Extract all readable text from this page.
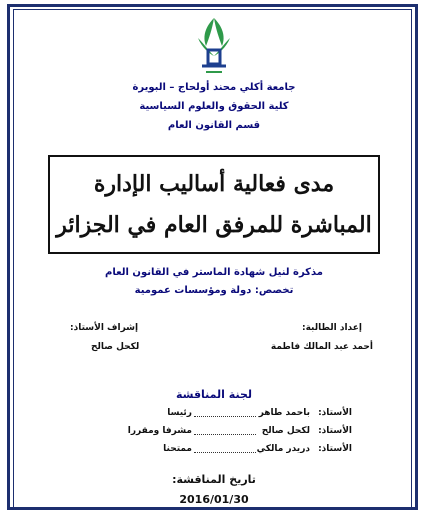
جامعة أكلي محند أولحاج – البويرة
كلية الحقوق والعلوم السياسية
قسم القانون العام
مدى فعالية أساليب الإدارة
المباشرة للمرفق العام في الجزائر
مذكرة لنيل شهادة الماستر في القانون العام
تخصص: دولة ومؤسسات عمومية
إعداد الطالبة:
أحمد عبد المالك فاطمة
إشراف الأستاذ:
لكحل صالح
لجنة المناقشة
الأستاذ:
باحمد طاهر
رئيسا
الأستاذ:
لكحل صالح
مشرفا ومقررا
الأستاذ:
دريدر مالكي
ممتحنا
تاريخ المناقشة:
2016/01/30
